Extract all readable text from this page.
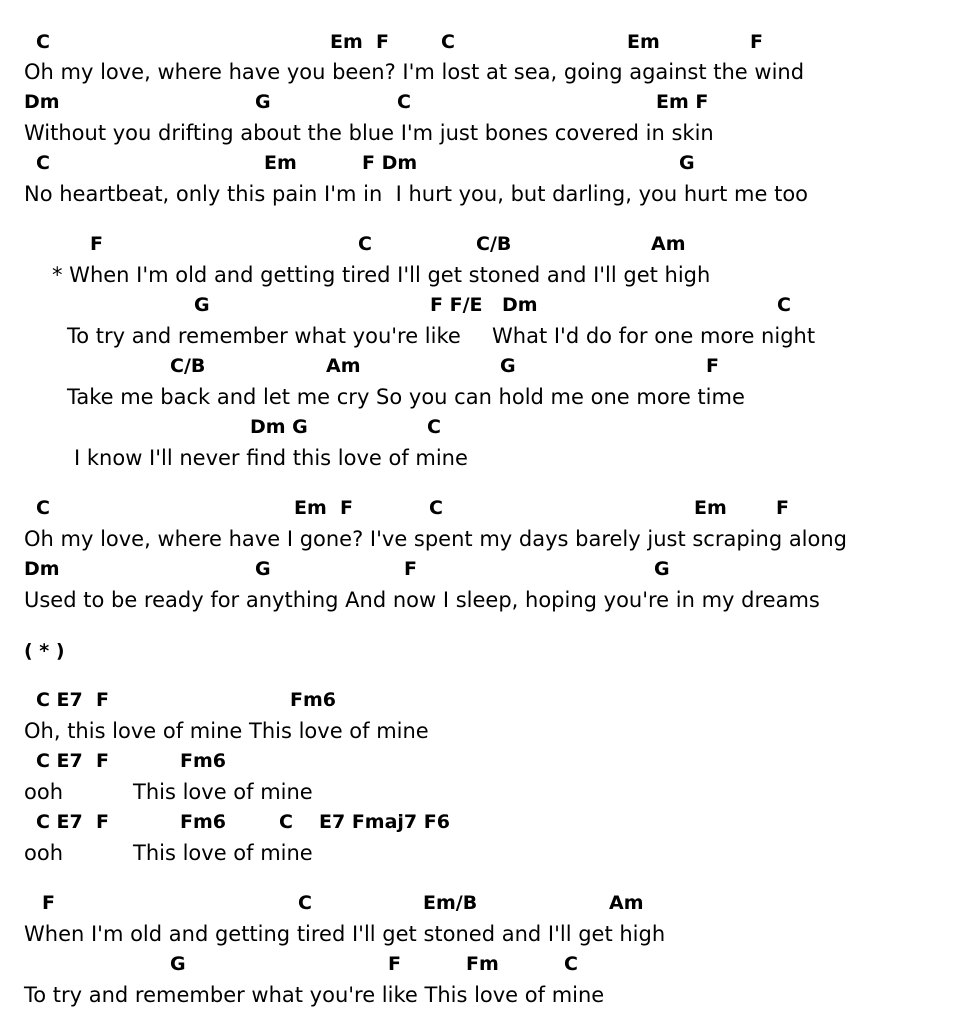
C	Em F	C	Em	F
Oh my love, where have you been? I'm lost at sea, going against the wind
Dm	G	C	Em F
Without you drifting about the blue I'm just bones covered in skin
C	Em	F Dm	G
No heartbeat, only this pain I'm in  I hurt you, but darling, you hurt me too
F	C	C/B	Am
* When I'm old and getting tired I'll get stoned and I'll get high
G	F F/E Dm	C
To try and remember what you're like What I'd do for one more night
C/B	Am	G	F
Take me back and let me cry So you can hold me one more time
Dm G	C
I know I'll never find this love of mine
C	Em F	C	Em	F
Oh my love, where have I gone? I've spent my days barely just scraping along
Dm	G	F	G
Used to be ready for anything And now I sleep, hoping you're in my dreams
( * )
C E7  F	Fm6
Oh, this love of mine This love of mine
C E7  F	Fm6
ooh	This love of mine
C E7  F	Fm6	C E7 Fmaj7 F6
ooh	This love of mine
F	C	Em/B	Am
When I'm old and getting tired I'll get stoned and I'll get high
G	F	Fm	C
To try and remember what you're like This love of mine
